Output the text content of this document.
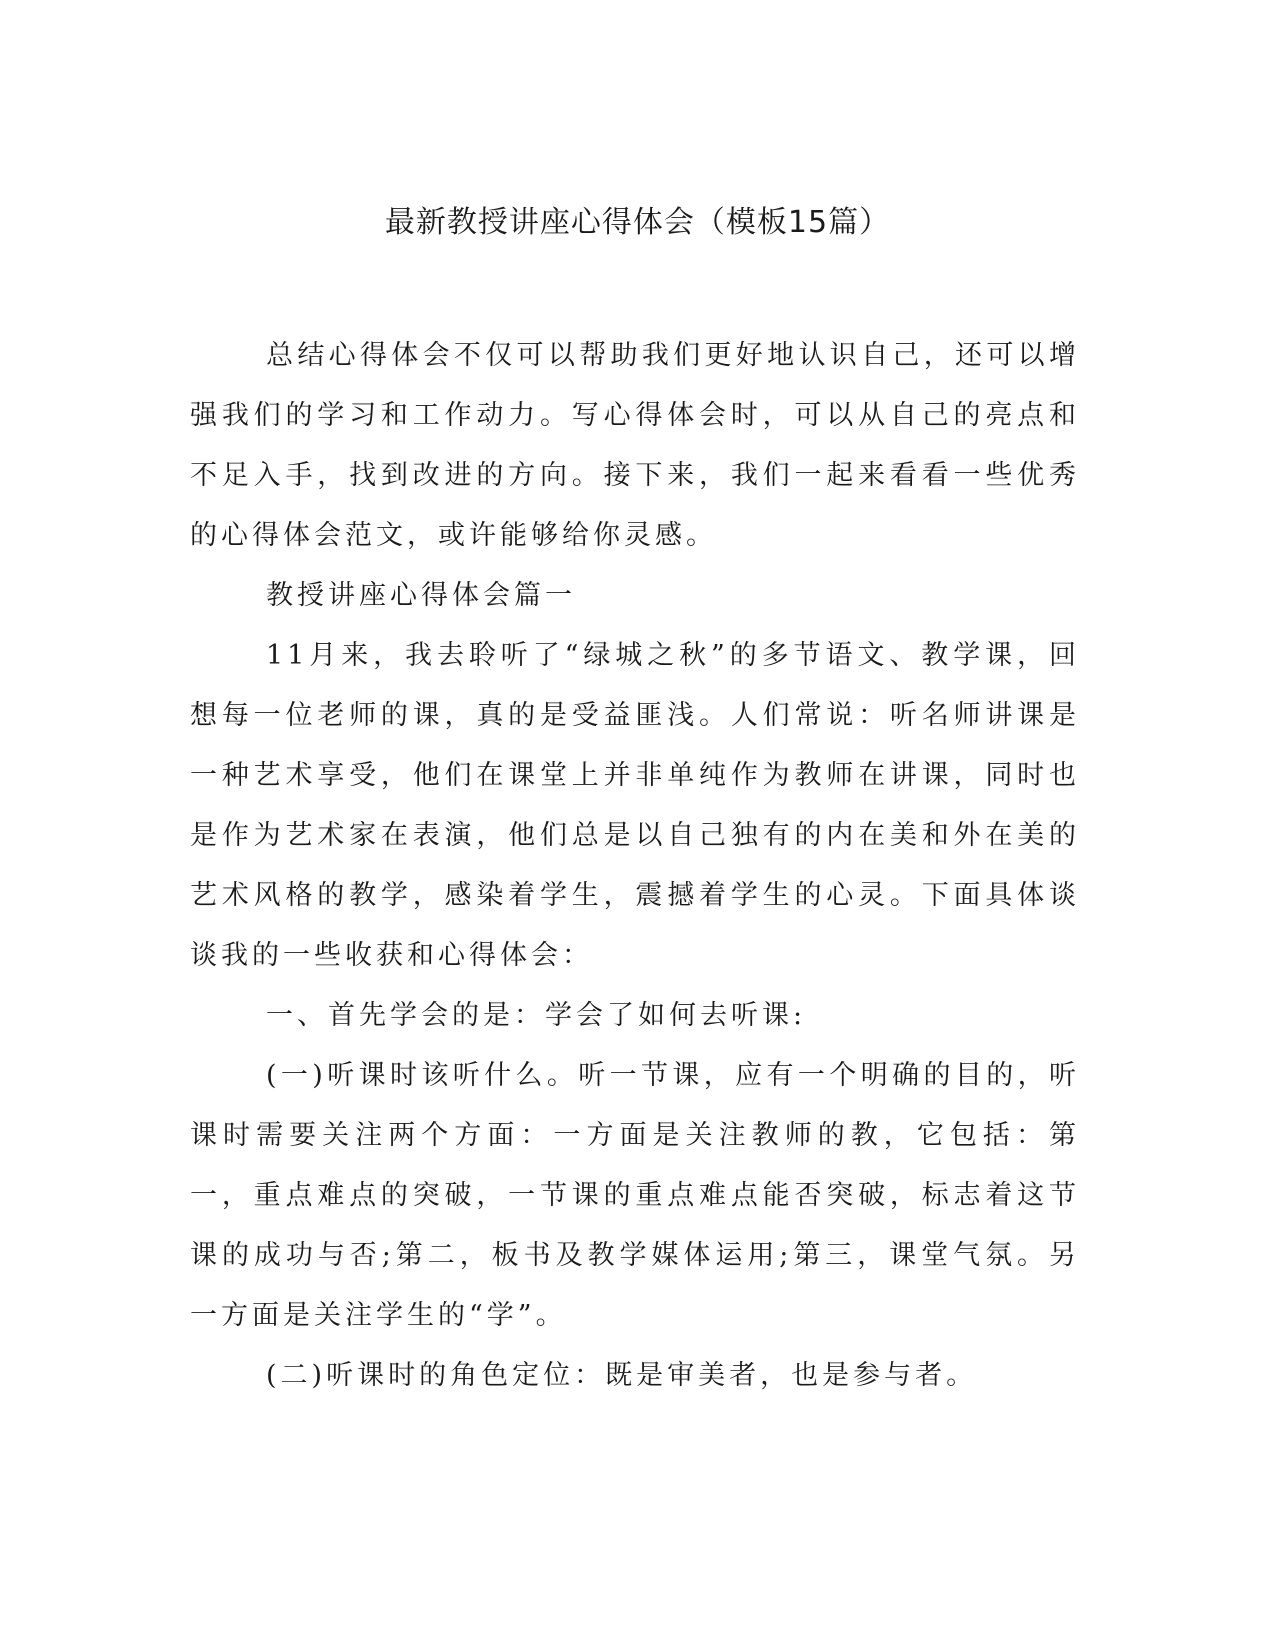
最新教授讲座心得体会（模板15篇）

总结心得体会不仅可以帮助我们更好地认识自己，还可以增强我们的学习和工作动力。写心得体会时，可以从自己的亮点和不足入手，找到改进的方向。接下来，我们一起来看看一些优秀的心得体会范文，或许能够给你灵感。

教授讲座心得体会篇一

11月来，我去聆听了“绿城之秋”的多节语文、教学课，回想每一位老师的课，真的是受益匪浅。人们常说：听名师讲课是一种艺术享受，他们在课堂上并非单纯作为教师在讲课，同时也是作为艺术家在表演，他们总是以自己独有的内在美和外在美的艺术风格的教学，感染着学生，震撼着学生的心灵。下面具体谈谈我的一些收获和心得体会：

一、首先学会的是：学会了如何去听课:

(一)听课时该听什么。听一节课，应有一个明确的目的，听课时需要关注两个方面：一方面是关注教师的教，它包括：第一，重点难点的突破，一节课的重点难点能否突破，标志着这节课的成功与否;第二，板书及教学媒体运用;第三，课堂气氛。另一方面是关注学生的“学”。

(二)听课时的角色定位：既是审美者，也是参与者。
